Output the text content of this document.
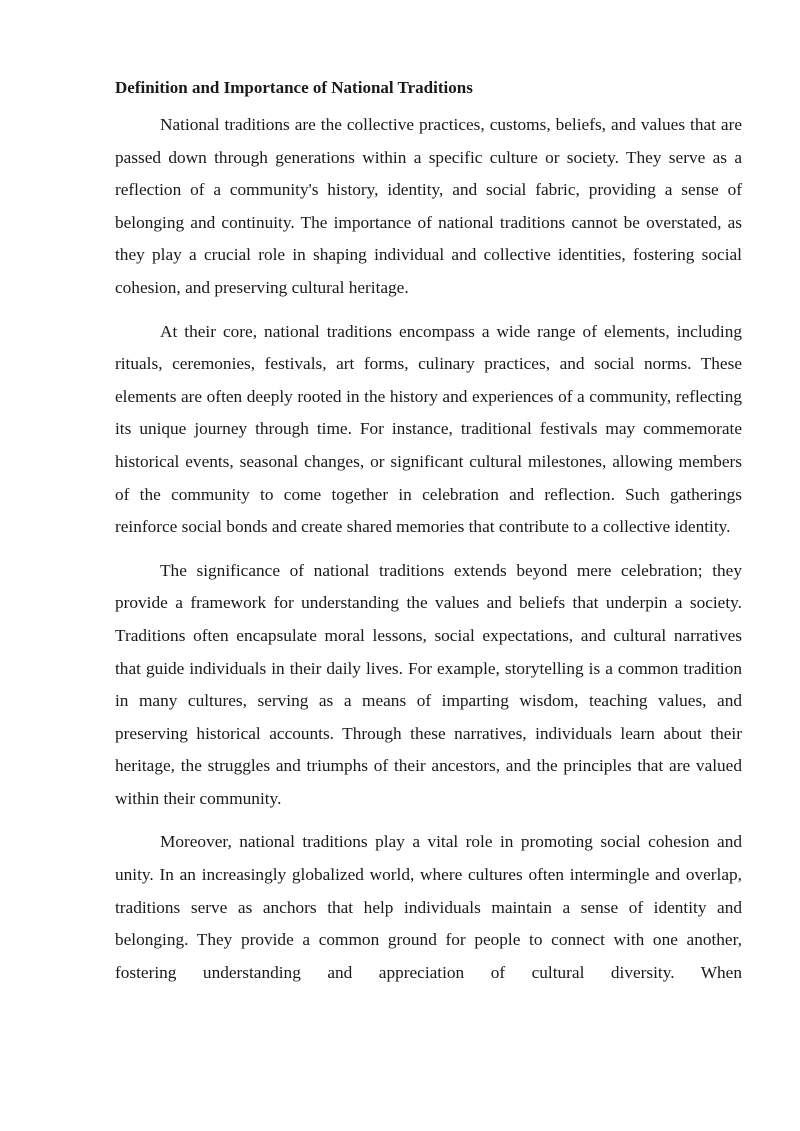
Definition and Importance of National Traditions

National traditions are the collective practices, customs, beliefs, and values that are passed down through generations within a specific culture or society. They serve as a reflection of a community's history, identity, and social fabric, providing a sense of belonging and continuity. The importance of national traditions cannot be overstated, as they play a crucial role in shaping individual and collective identities, fostering social cohesion, and preserving cultural heritage.

At their core, national traditions encompass a wide range of elements, including rituals, ceremonies, festivals, art forms, culinary practices, and social norms. These elements are often deeply rooted in the history and experiences of a community, reflecting its unique journey through time. For instance, traditional festivals may commemorate historical events, seasonal changes, or significant cultural milestones, allowing members of the community to come together in celebration and reflection. Such gatherings reinforce social bonds and create shared memories that contribute to a collective identity.

The significance of national traditions extends beyond mere celebration; they provide a framework for understanding the values and beliefs that underpin a society. Traditions often encapsulate moral lessons, social expectations, and cultural narratives that guide individuals in their daily lives. For example, storytelling is a common tradition in many cultures, serving as a means of imparting wisdom, teaching values, and preserving historical accounts. Through these narratives, individuals learn about their heritage, the struggles and triumphs of their ancestors, and the principles that are valued within their community.

Moreover, national traditions play a vital role in promoting social cohesion and unity. In an increasingly globalized world, where cultures often intermingle and overlap, traditions serve as anchors that help individuals maintain a sense of identity and belonging. They provide a common ground for people to connect with one another, fostering understanding and appreciation of cultural diversity. When
